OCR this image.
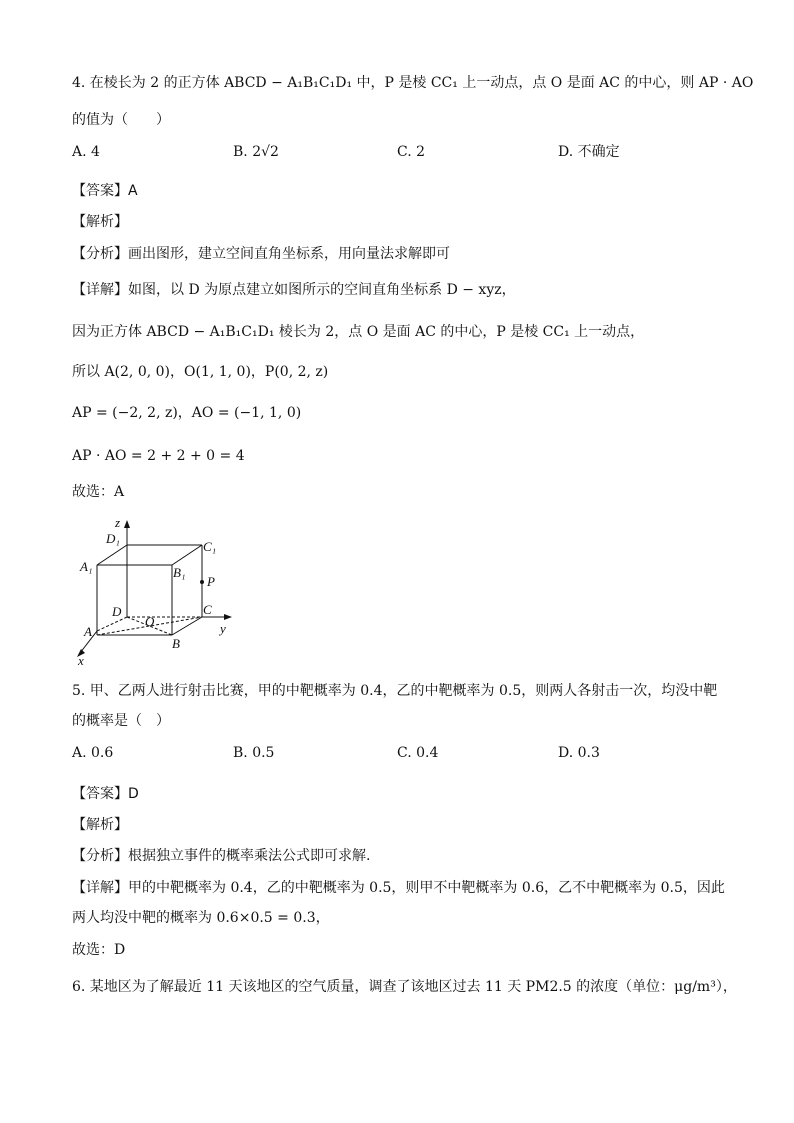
4. 在棱长为 2 的正方体 ABCD − A₁B₁C₁D₁ 中，P 是棱 CC₁ 上一动点，点 O 是面 AC 的中心，则 AP · AO
的值为（　　）
A. 4	B. 2√2	C. 2	D. 不确定
【答案】A
【解析】
【分析】画出图形，建立空间直角坐标系，用向量法求解即可
【详解】如图，以 D 为原点建立如图所示的空间直角坐标系 D − xyz，
因为正方体 ABCD − A₁B₁C₁D₁ 棱长为 2，点 O 是面 AC 的中心，P 是棱 CC₁ 上一动点，
所以 A(2, 0, 0)，O(1, 1, 0)，P(0, 2, z)
AP = (−2, 2, z)，AO = (−1, 1, 0)
AP · AO = 2 + 2 + 0 = 4
故选：A
z
D₁
C₁
A₁	B₁
P
D	C
O	y
A
B
x
5. 甲、乙两人进行射击比赛，甲的中靶概率为 0.4，乙的中靶概率为 0.5，则两人各射击一次，均没中靶
的概率是（　）
A. 0.6	B. 0.5	C. 0.4	D. 0.3
【答案】D
【解析】
【分析】根据独立事件的概率乘法公式即可求解.
【详解】甲的中靶概率为 0.4，乙的中靶概率为 0.5，则甲不中靶概率为 0.6，乙不中靶概率为 0.5，因此
两人均没中靶的概率为 0.6×0.5 = 0.3，
故选：D
6. 某地区为了解最近 11 天该地区的空气质量，调查了该地区过去 11 天 PM2.5 的浓度（单位：μg/m³），
